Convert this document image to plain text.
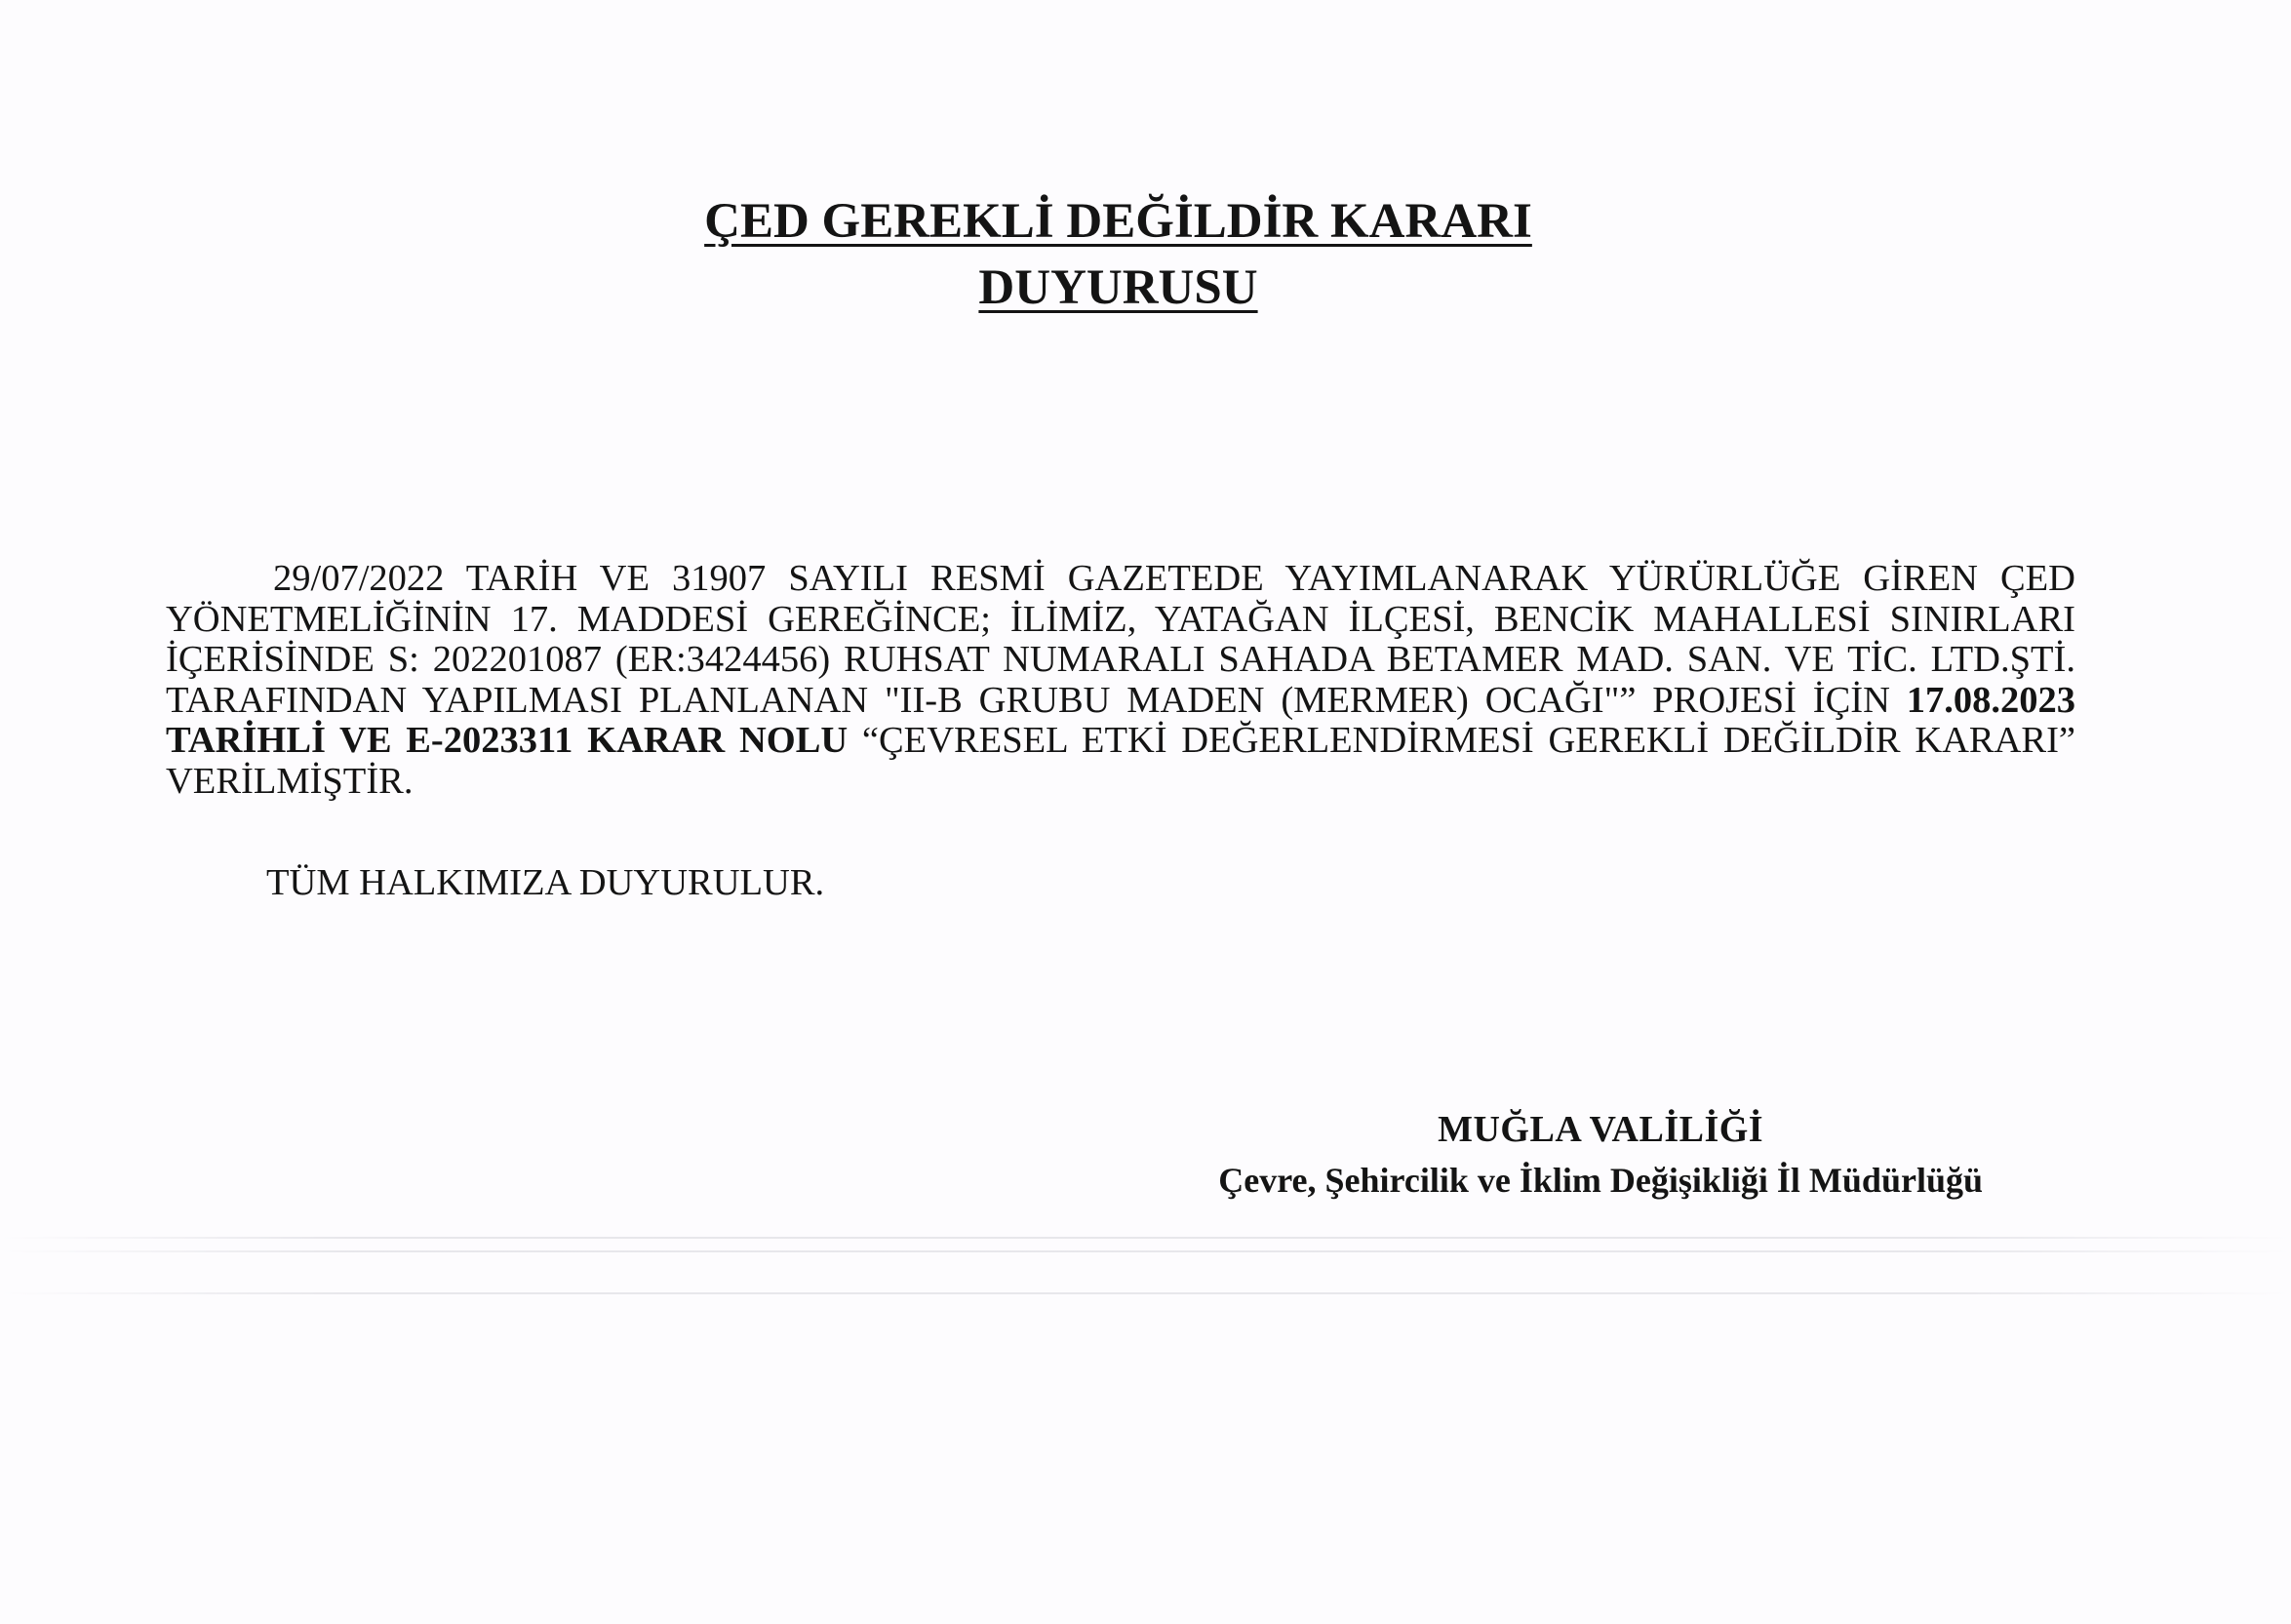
ÇED GEREKLİ DEĞİLDİR KARARI
DUYURUSU
29/07/2022 TARİH VE 31907 SAYILI RESMİ GAZETEDE YAYIMLANARAK YÜRÜRLÜĞE GİREN ÇED YÖNETMELİĞİNİN 17. MADDESİ GEREĞİNCE; İLİMİZ, YATAĞAN İLÇESİ, BENCİK MAHALLESİ SINIRLARI İÇERİSİNDE S: 202201087 (ER:3424456) RUHSAT NUMARALI SAHADA BETAMER MAD. SAN. VE TİC. LTD.ŞTİ. TARAFINDAN YAPILMASI PLANLANAN "II-B GRUBU MADEN (MERMER) OCAĞI"” PROJESİ İÇİN 17.08.2023 TARİHLİ VE E-2023311 KARAR NOLU “ÇEVRESEL ETKİ DEĞERLENDİRMESİ GEREKLİ DEĞİLDİR KARARI” VERİLMİŞTİR.
TÜM HALKIMIZA DUYURULUR.
MUĞLA VALİLİĞİ
Çevre, Şehircilik ve İklim Değişikliği İl Müdürlüğü
